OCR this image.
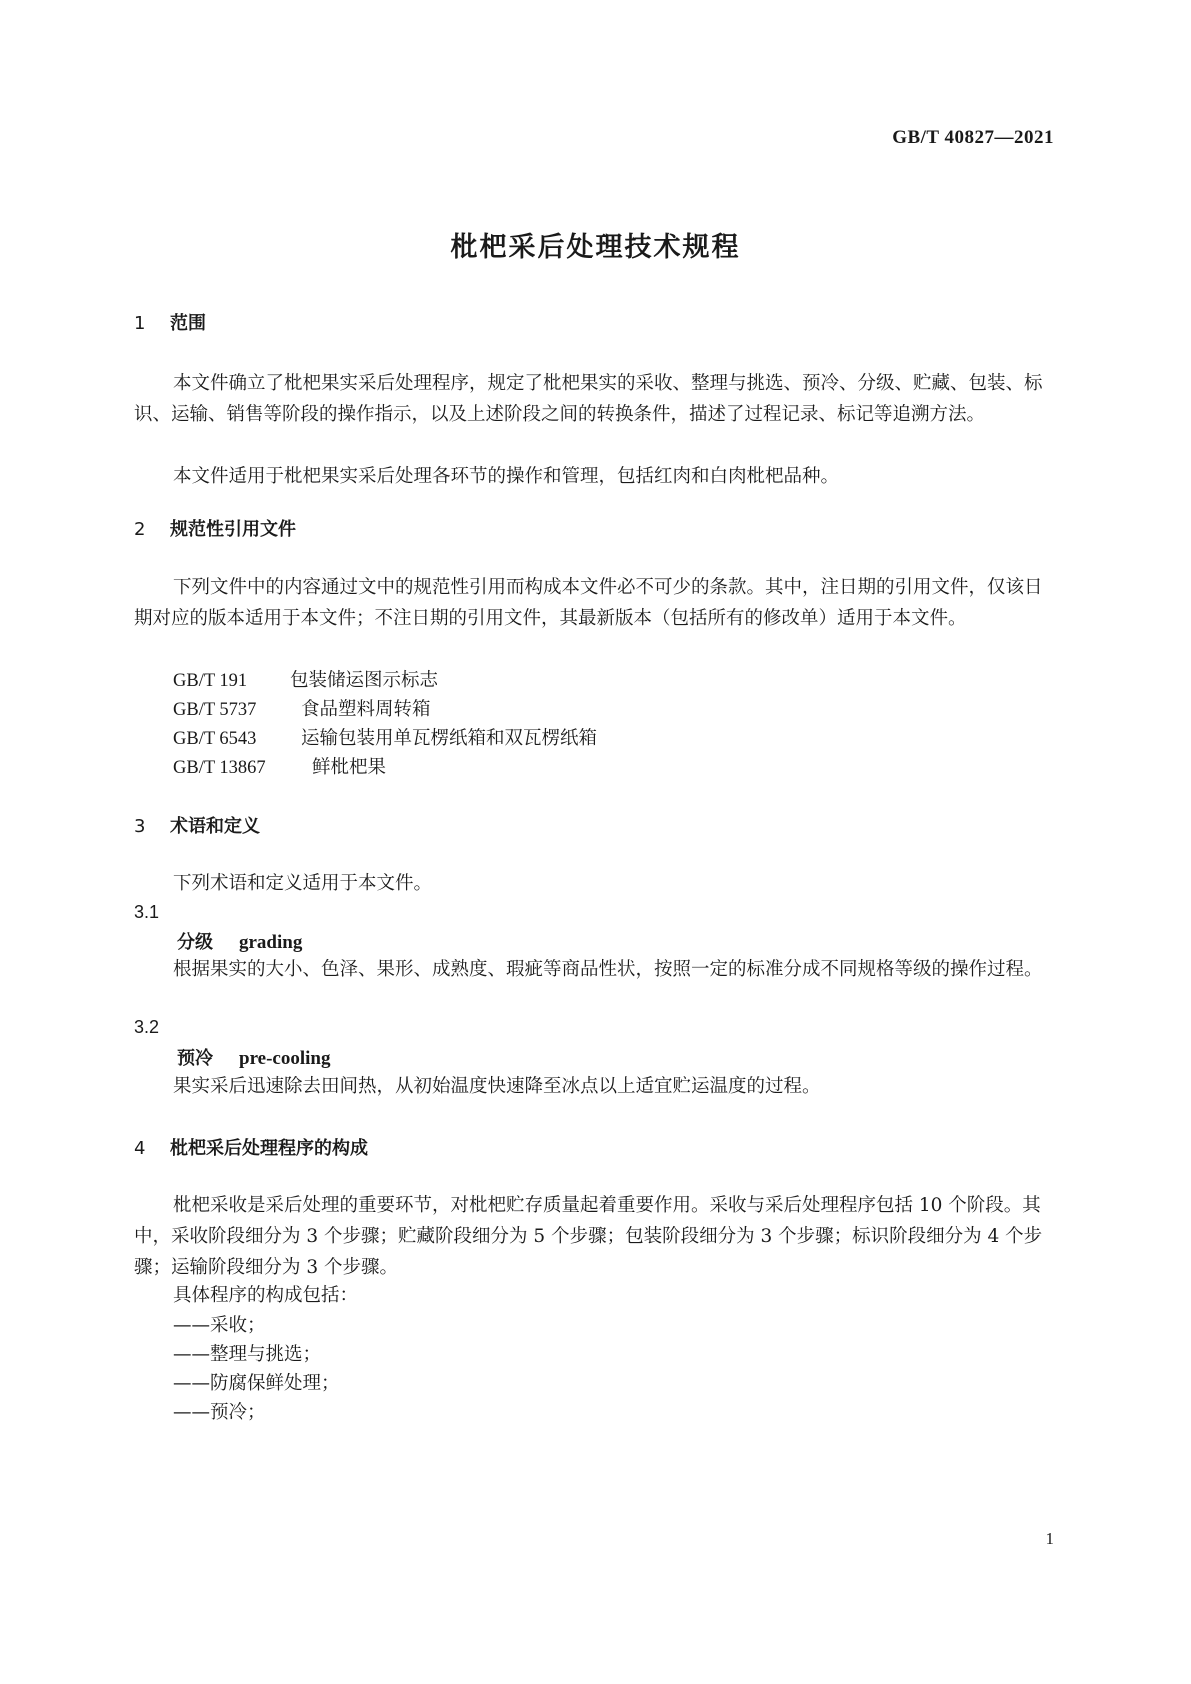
GB/T 40827—2021
枇杷采后处理技术规程
1 范围
本文件确立了枇杷果实采后处理程序，规定了枇杷果实的采收、整理与挑选、预冷、分级、贮藏、包装、标识、运输、销售等阶段的操作指示，以及上述阶段之间的转换条件，描述了过程记录、标记等追溯方法。
本文件适用于枇杷果实采后处理各环节的操作和管理，包括红肉和白肉枇杷品种。
2 规范性引用文件
下列文件中的内容通过文中的规范性引用而构成本文件必不可少的条款。其中，注日期的引用文件，仅该日期对应的版本适用于本文件；不注日期的引用文件，其最新版本（包括所有的修改单）适用于本文件。
GB/T 191 包装储运图示标志
GB/T 5737 食品塑料周转箱
GB/T 6543 运输包装用单瓦楞纸箱和双瓦楞纸箱
GB/T 13867	鲜枇杷果
3 术语和定义
下列术语和定义适用于本文件。
3.1
分级 grading
根据果实的大小、色泽、果形、成熟度、瑕疵等商品性状，按照一定的标准分成不同规格等级的操作过程。
3.2
预冷 pre-cooling
果实采后迅速除去田间热，从初始温度快速降至冰点以上适宜贮运温度的过程。
4 枇杷采后处理程序的构成
枇杷采收是采后处理的重要环节，对枇杷贮存质量起着重要作用。采收与采后处理程序包括 10 个阶段。其中，采收阶段细分为 3 个步骤；贮藏阶段细分为 5 个步骤；包装阶段细分为 3 个步骤；标识阶段细分为 4 个步骤；运输阶段细分为 3 个步骤。
具体程序的构成包括：
——采收；
——整理与挑选；
——防腐保鲜处理；
——预冷；
1
